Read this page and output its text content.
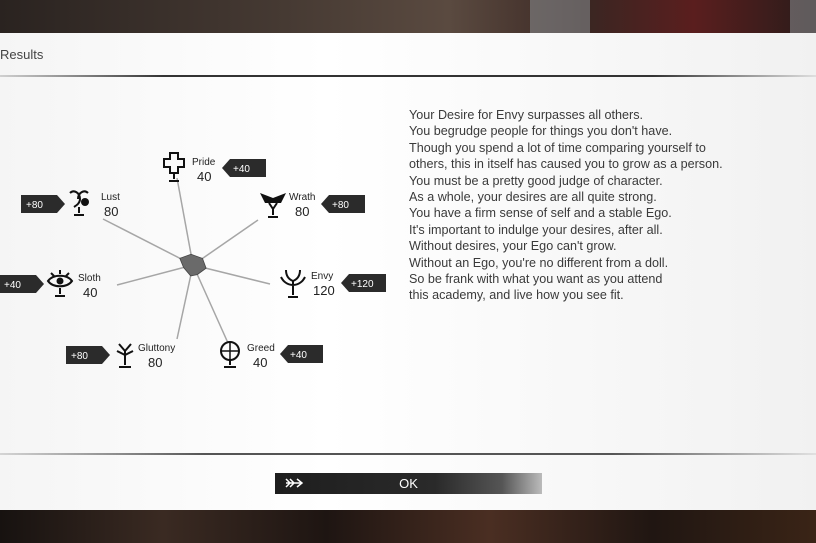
Results
Pride
40 +40
Wrath
80 +80
Envy
120 +120
Greed
40 +40
Gluttony
80
+80
Sloth
40
+40
Lust
80
+80
Your Desire for Envy surpasses all others.
You begrudge people for things you don't have.
Though you spend a lot of time comparing yourself to
others, this in itself has caused you to grow as a person.
You must be a pretty good judge of character.
As a whole, your desires are all quite strong.
You have a firm sense of self and a stable Ego.
It's important to indulge your desires, after all.
Without desires, your Ego can't grow.
Without an Ego, you're no different from a doll.
So be frank with what you want as you attend
this academy, and live how you see fit.
OK
